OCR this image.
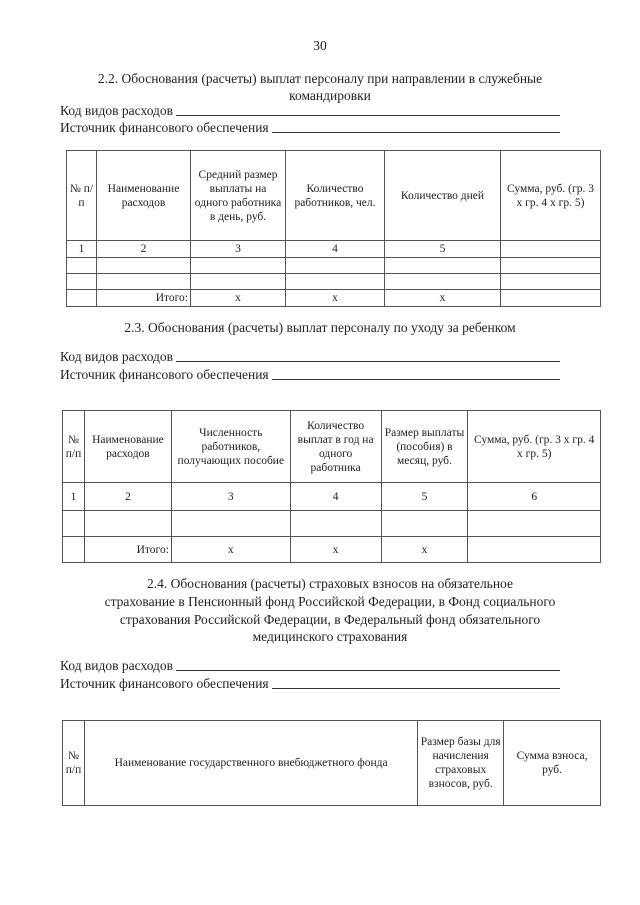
30
2.2. Обоснования (расчеты) выплат персоналу при направлении в служебные
командировки
Код видов расходов
Источник финансового обеспечения
№ п/п	Наименование расходов	Средний размер выплаты на одного работника в день, руб.	Количество работников, чел.	Количество дней	Сумма, руб. (гр. 3 x гр. 4 x гр. 5)
1	2	3	4	5	

	Итого:	x	x	x	
2.3. Обоснования (расчеты) выплат персоналу по уходу за ребенком
Код видов расходов
Источник финансового обеспечения
№ п/п	Наименование расходов	Численность работников, получающих пособие	Количество выплат в год на одного работника	Размер выплаты (пособия) в месяц, руб.	Сумма, руб. (гр. 3 x гр. 4 x гр. 5)
1	2	3	4	5	6

	Итого:	x	x	x	
2.4. Обоснования (расчеты) страховых взносов на обязательное
страхование в Пенсионный фонд Российской Федерации, в Фонд социального
страхования Российской Федерации, в Федеральный фонд обязательного
медицинского страхования
Код видов расходов
Источник финансового обеспечения
№ п/п	Наименование государственного внебюджетного фонда	Размер базы для начисления страховых взносов, руб.	Сумма взноса, руб.
